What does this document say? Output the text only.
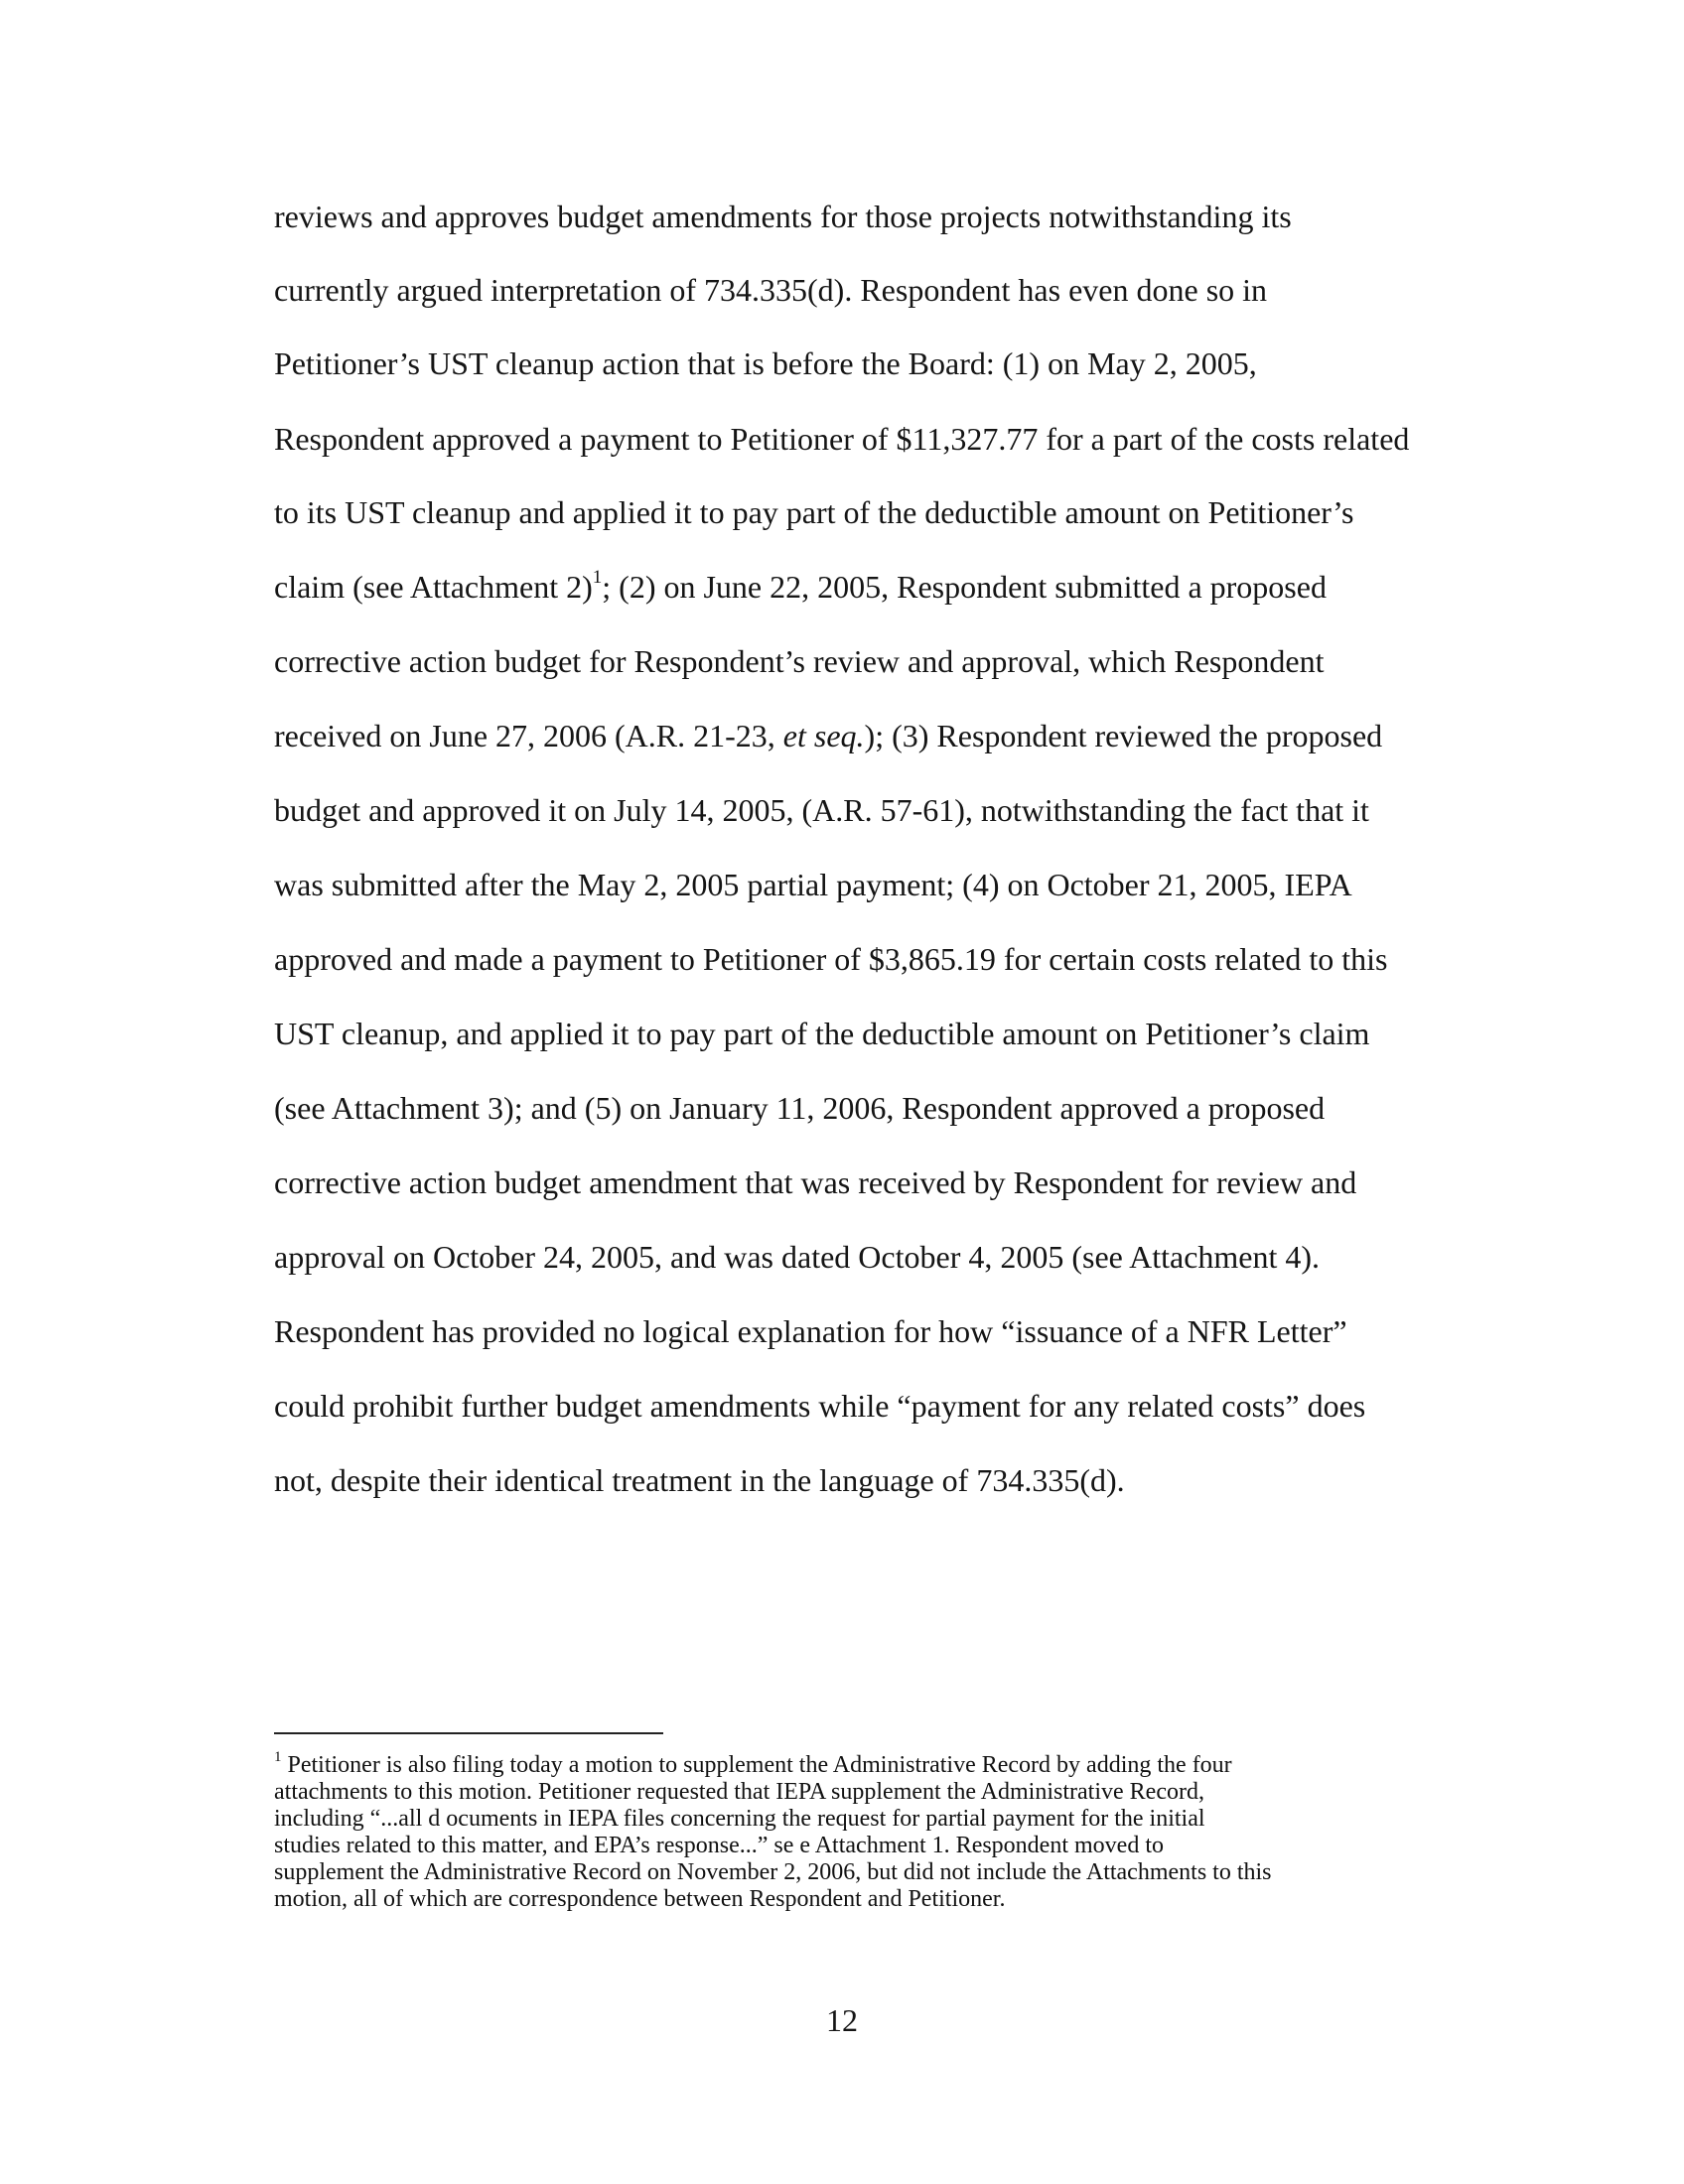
reviews and approves budget amendments for those projects notwithstanding its
currently argued interpretation of 734.335(d). Respondent has even done so in
Petitioner’s UST cleanup action that is before the Board: (1) on May 2, 2005,
Respondent approved a payment to Petitioner of $11,327.77 for a part of the costs related
to its UST cleanup and applied it to pay part of the deductible amount on Petitioner’s
claim (see Attachment 2)$^1$; (2) on June 22, 2005, Respondent submitted a proposed
corrective action budget for Respondent’s review and approval, which Respondent
received on June 27, 2006 (A.R. 21-23, et seq.); (3) Respondent reviewed the proposed
budget and approved it on July 14, 2005, (A.R. 57-61), notwithstanding the fact that it
was submitted after the May 2, 2005 partial payment; (4) on October 21, 2005, IEPA
approved and made a payment to Petitioner of $3,865.19 for certain costs related to this
UST cleanup, and applied it to pay part of the deductible amount on Petitioner’s claim
(see Attachment 3); and (5) on January 11, 2006, Respondent approved a proposed
corrective action budget amendment that was received by Respondent for review and
approval on October 24, 2005, and was dated October 4, 2005 (see Attachment 4).
Respondent has provided no logical explanation for how “issuance of a NFR Letter”
could prohibit further budget amendments while “payment for any related costs” does
not, despite their identical treatment in the language of 734.335(d).
$^1$ Petitioner is also filing today a motion to supplement the Administrative Record by adding the four
attachments to this motion. Petitioner requested that IEPA supplement the Administrative Record,
including “...all d ocuments in IEPA files concerning the request for partial payment for the initial
studies related to this matter, and EPA’s response...” se e Attachment 1. Respondent moved to
supplement the Administrative Record on November 2, 2006, but did not include the Attachments to this
motion, all of which are correspondence between Respondent and Petitioner.
12
